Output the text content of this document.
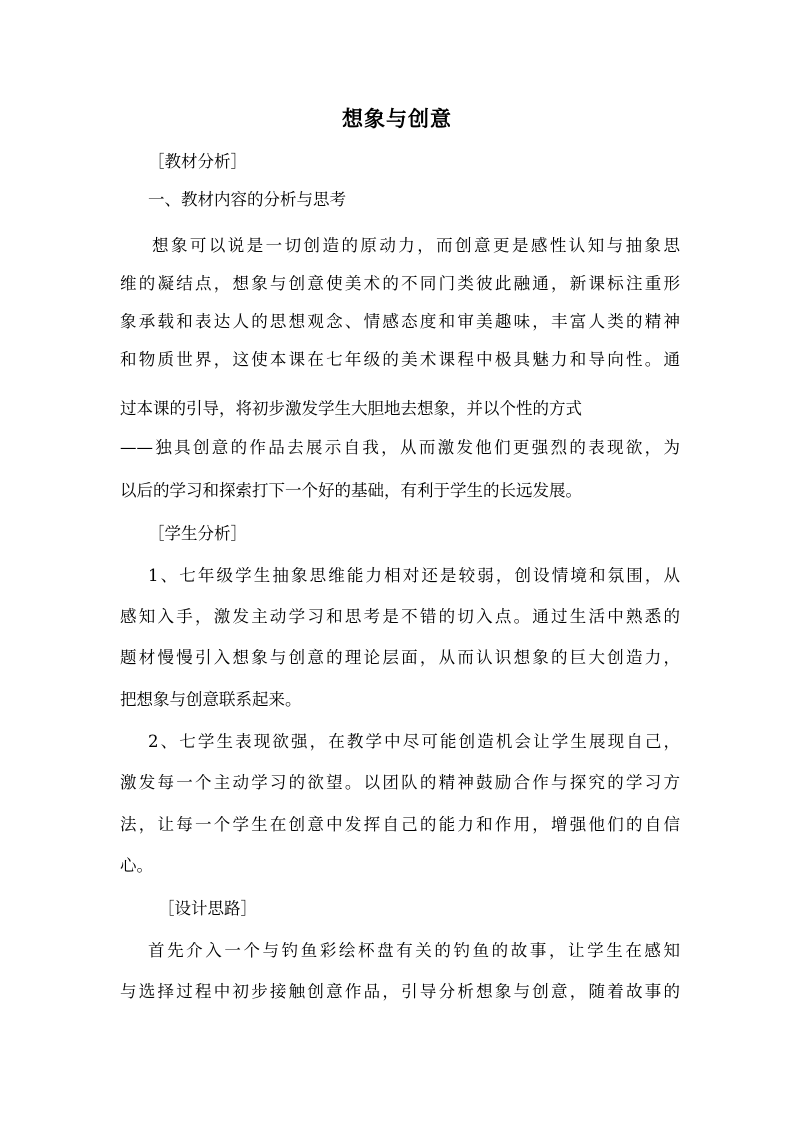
想象与创意
［教材分析］
一、教材内容的分析与思考
想象可以说是一切创造的原动力，而创意更是感性认知与抽象思
维的凝结点，想象与创意使美术的不同门类彼此融通，新课标注重形
象承载和表达人的思想观念、情感态度和审美趣味，丰富人类的精神
和物质世界，这使本课在七年级的美术课程中极具魅力和导向性。通
过本课的引导，将初步激发学生大胆地去想象，并以个性的方式
——独具创意的作品去展示自我，从而激发他们更强烈的表现欲，为
以后的学习和探索打下一个好的基础，有利于学生的长远发展。
［学生分析］
1、七年级学生抽象思维能力相对还是较弱，创设情境和氛围，从
感知入手，激发主动学习和思考是不错的切入点。通过生活中熟悉的
题材慢慢引入想象与创意的理论层面，从而认识想象的巨大创造力，
把想象与创意联系起来。
2、七学生表现欲强，在教学中尽可能创造机会让学生展现自己，
激发每一个主动学习的欲望。以团队的精神鼓励合作与探究的学习方
法，让每一个学生在创意中发挥自己的能力和作用，增强他们的自信
心。
［设计思路］
首先介入一个与钓鱼彩绘杯盘有关的钓鱼的故事，让学生在感知
与选择过程中初步接触创意作品，引导分析想象与创意，随着故事的
